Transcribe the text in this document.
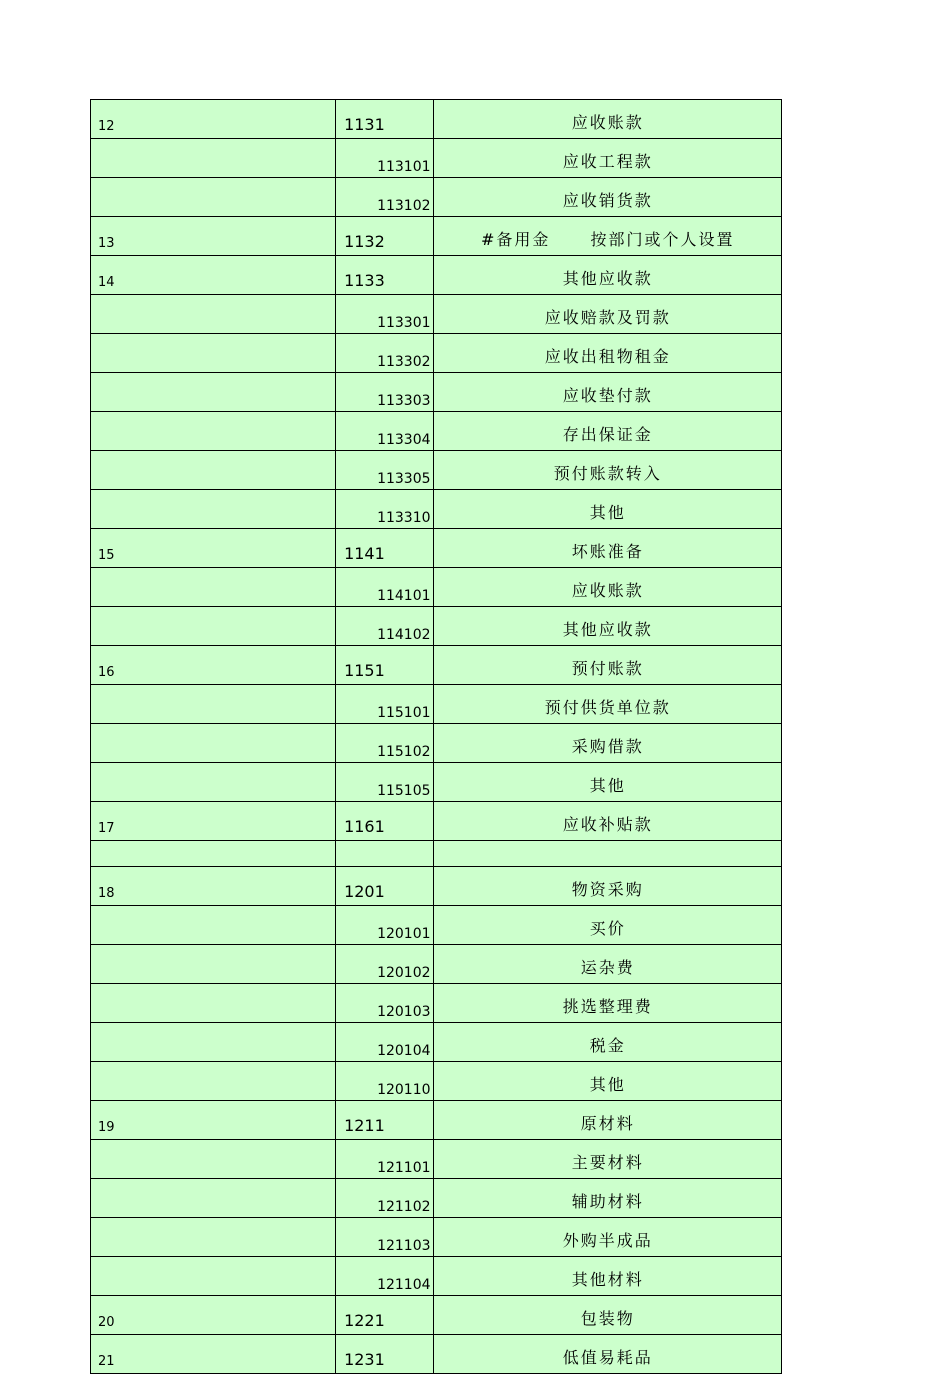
12	1131	应收账款
	113101	应收工程款
	113102	应收销货款
13	1132	#备用金 按部门或个人设置
14	1133	其他应收款
	113301	应收赔款及罚款
	113302	应收出租物租金
	113303	应收垫付款
	113304	存出保证金
	113305	预付账款转入
	113310	其他
15	1141	坏账准备
	114101	应收账款
	114102	其他应收款
16	1151	预付账款
	115101	预付供货单位款
	115102	采购借款
	115105	其他
17	1161	应收补贴款

18	1201	物资采购
	120101	买价
	120102	运杂费
	120103	挑选整理费
	120104	税金
	120110	其他
19	1211	原材料
	121101	主要材料
	121102	辅助材料
	121103	外购半成品
	121104	其他材料
20	1221	包装物
21	1231	低值易耗品
